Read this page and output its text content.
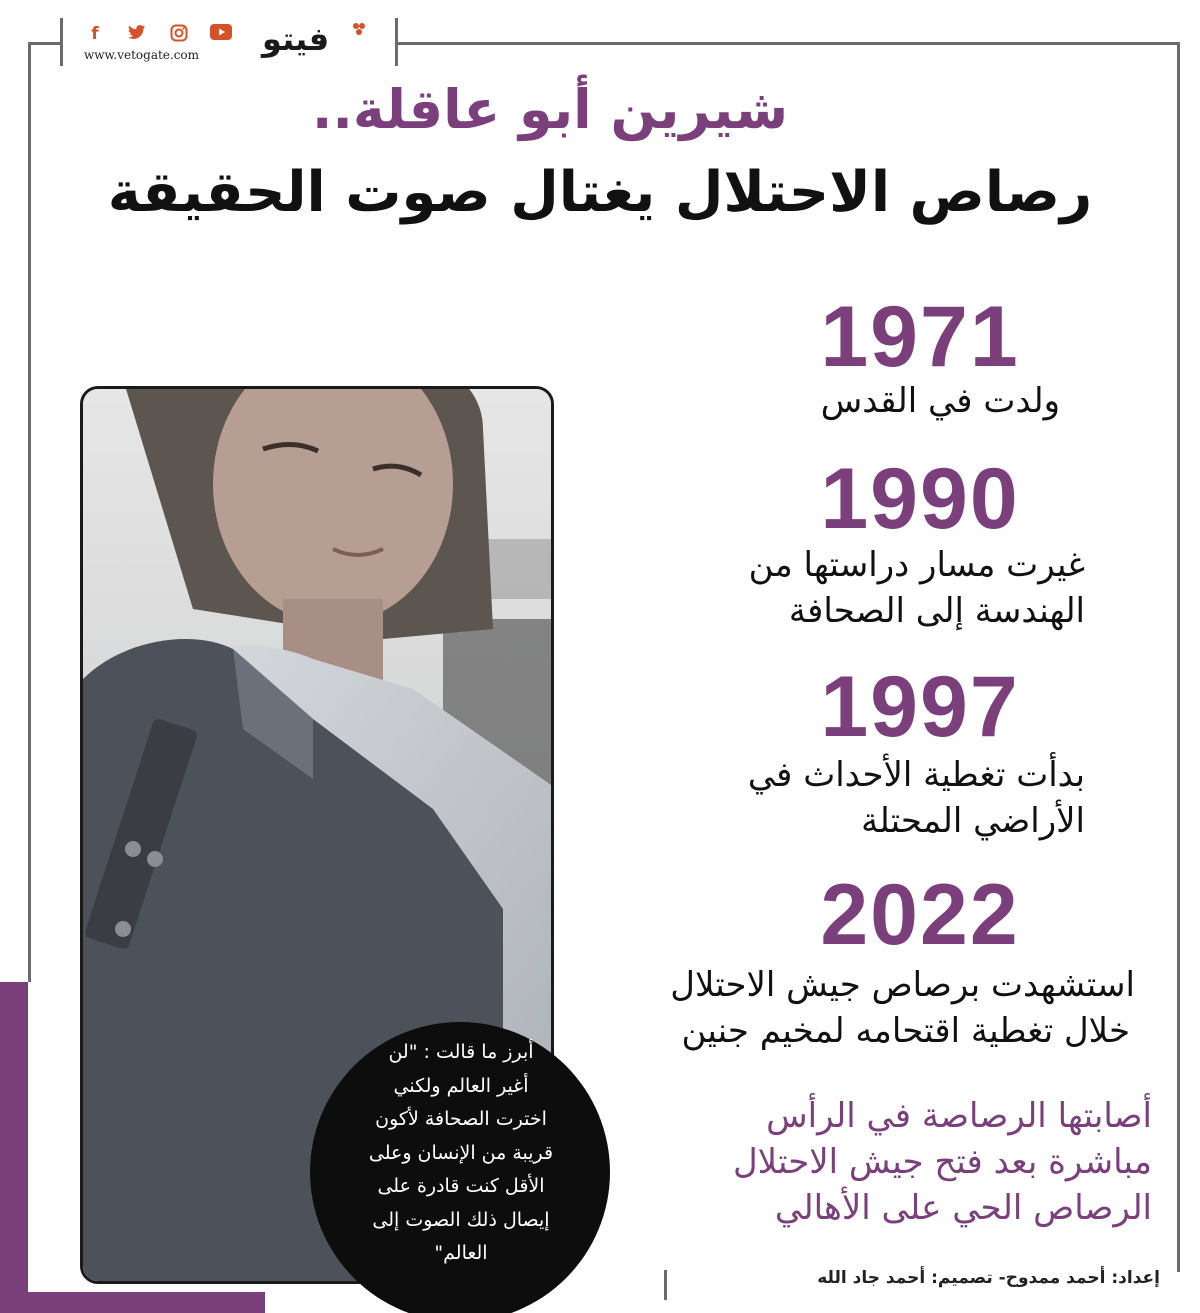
f
www.vetogate.com فيتو
شيرين أبو عاقلة..
رصاص الاحتلال يغتال صوت الحقيقة
1971
ولدت في القدس
1990
غيرت مسار دراستها من
الهندسة إلى الصحافة
1997
بدأت تغطية الأحداث في
الأراضي المحتلة
2022
استشهدت برصاص جيش الاحتلال
خلال تغطية اقتحامه لمخيم جنين
أصابتها الرصاصة في الرأس
مباشرة بعد فتح جيش الاحتلال
الرصاص الحي على الأهالي
أبرز ما قالت : "لن
أغير العالم ولكني
اخترت الصحافة لأكون
قريبة من الإنسان وعلى
الأقل كنت قادرة على
إيصال ذلك الصوت إلى
العالم"
إعداد: أحمد ممدوح- تصميم: أحمد جاد الله
